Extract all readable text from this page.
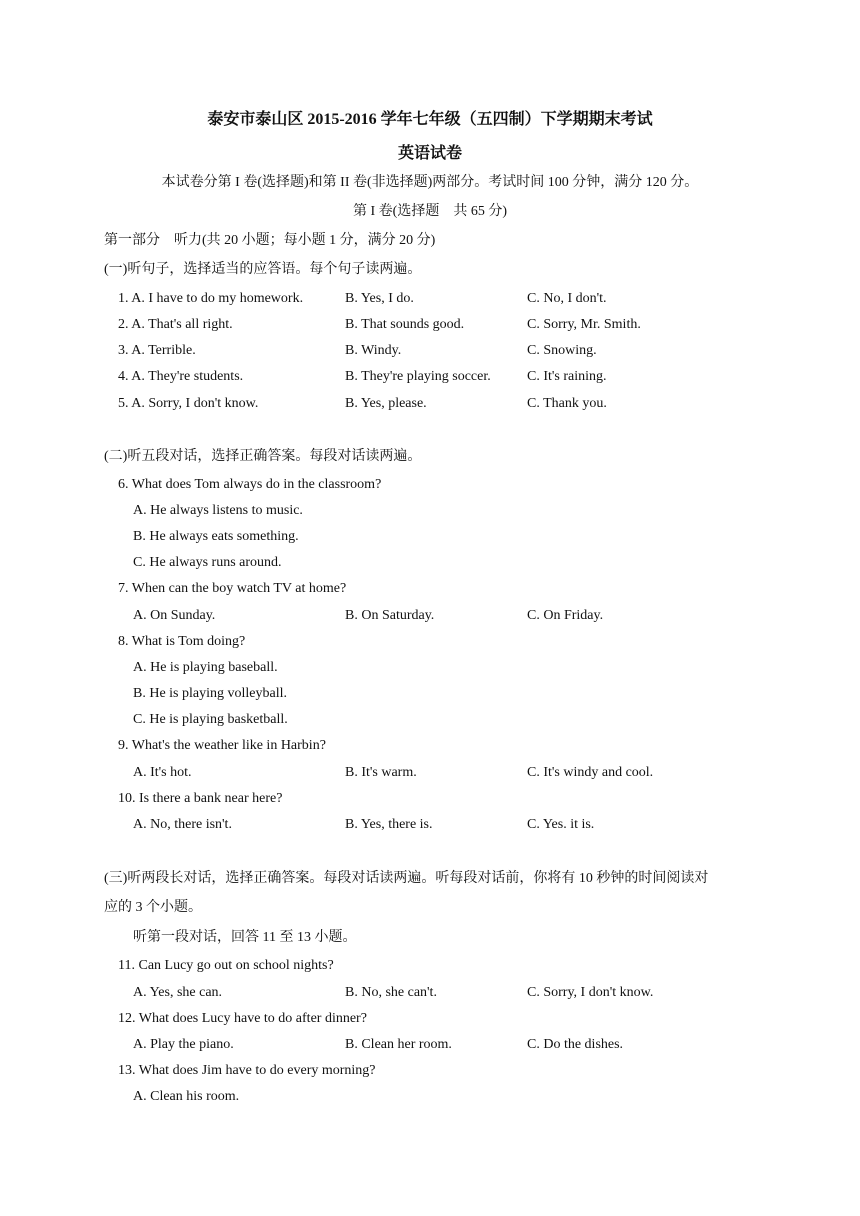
泰安市泰山区 2015-2016 学年七年级（五四制）下学期期末考试
英语试卷
本试卷分第 I 卷(选择题)和第 II 卷(非选择题)两部分。考试时间 100 分钟，满分 120 分。
第 I 卷(选择题　共 65 分)
第一部分　听力(共 20 小题；每小题 1 分，满分 20 分)
(一)听句子，选择适当的应答语。每个句子读两遍。
1. A. I have to do my homework.	B. Yes, I do.	C. No, I don't.
2. A. That's all right.	B. That sounds good.	C. Sorry, Mr. Smith.
3. A. Terrible.	B. Windy.	C. Snowing.
4. A. They're students.	B. They're playing soccer.	C. It's raining.
5. A. Sorry, I don't know.	B. Yes, please.	C. Thank you.
(二)听五段对话，选择正确答案。每段对话读两遍。
6. What does Tom always do in the classroom?
A. He always listens to music.
B. He always eats something.
C. He always runs around.
7. When can the boy watch TV at home?
A. On Sunday.	B. On Saturday.	C. On Friday.
8. What is Tom doing?
A. He is playing baseball.
B. He is playing volleyball.
C. He is playing basketball.
9. What's the weather like in Harbin?
A. It's hot.	B. It's warm.	C. It's windy and cool.
10. Is there a bank near here?
A. No, there isn't.	B. Yes, there is.	C. Yes. it is.
(三)听两段长对话，选择正确答案。每段对话读两遍。听每段对话前，你将有 10 秒钟的时间阅读对
应的 3 个小题。
听第一段对话，回答 11 至 13 小题。
11. Can Lucy go out on school nights?
A. Yes, she can.	B. No, she can't.	C. Sorry, I don't know.
12. What does Lucy have to do after dinner?
A. Play the piano.	B. Clean her room.	C. Do the dishes.
13. What does Jim have to do every morning?
A. Clean his room.
